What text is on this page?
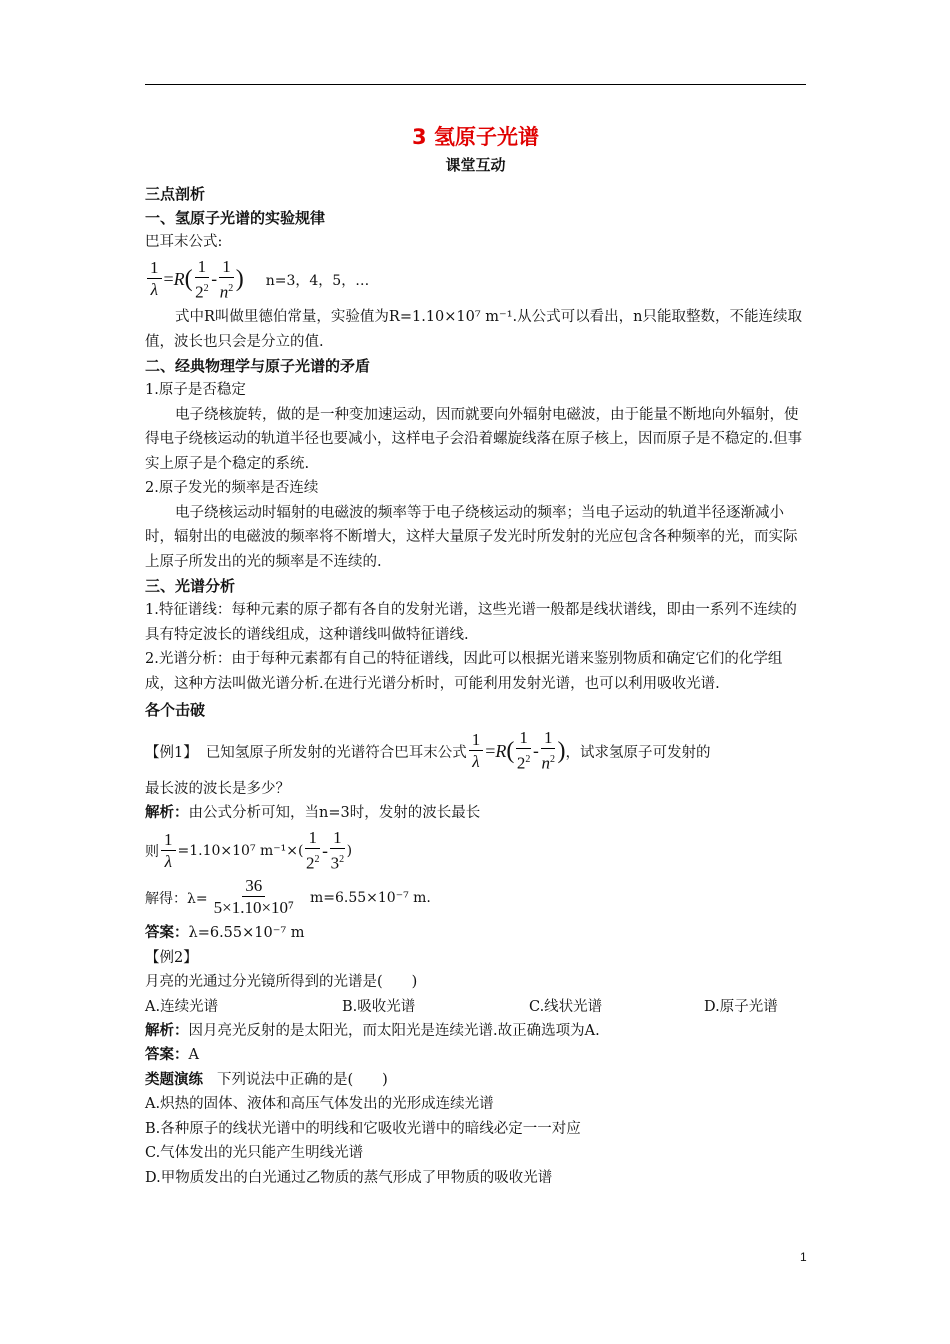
3 氢原子光谱

课堂互动

三点剖析

一、氢原子光谱的实验规律

巴耳末公式:

$\frac{1}{\lambda} =R$ ( $\frac{1}{2^2} - \frac{1}{n^2}$ ) n=3，4，5，…

式中R叫做里德伯常量，实验值为R=1.10×10⁷ m⁻¹.从公式可以看出，n只能取整数，不能连续取值，波长也只会是分立的值.

二、经典物理学与原子光谱的矛盾

1.原子是否稳定

电子绕核旋转，做的是一种变加速运动，因而就要向外辐射电磁波，由于能量不断地向外辐射，使得电子绕核运动的轨道半径也要减小，这样电子会沿着螺旋线落在原子核上，因而原子是不稳定的.但事实上原子是个稳定的系统.

2.原子发光的频率是否连续

电子绕核运动时辐射的电磁波的频率等于电子绕核运动的频率；当电子运动的轨道半径逐渐减小时，辐射出的电磁波的频率将不断增大，这样大量原子发光时所发射的光应包含各种频率的光，而实际上原子所发出的光的频率是不连续的.

三、光谱分析

1.特征谱线：每种元素的原子都有各自的发射光谱，这些光谱一般都是线状谱线，即由一系列不连续的具有特定波长的谱线组成，这种谱线叫做特征谱线.

2.光谱分析：由于每种元素都有自己的特征谱线，因此可以根据光谱来鉴别物质和确定它们的化学组成，这种方法叫做光谱分析.在进行光谱分析时，可能利用发射光谱，也可以利用吸收光谱.

各个击破

【例1】 已知氢原子所发射的光谱符合巴耳末公式 $\frac{1}{\lambda} =R$ ( $\frac{1}{2^2} - \frac{1}{n^2}$ ) ，试求氢原子可发射的

最长波的波长是多少？

解析：由公式分析可知，当n=3时，发射的波长最长

则 $\frac{1}{\lambda} =1.10\times 10^7$ $m^{-1}\times( \frac{1}{2^2} - \frac{1}{3^2}$ )
解得：$\lambda= \frac{36}{\text{5×1.10×10⁷}} m=6.55\times 10^{-7}$ m.

答案：λ=6.55×10⁻⁷ m

【例2】

月亮的光通过分光镜所得到的光谱是(　　)

A.连续光谱	B.吸收光谱	C.线状光谱	D.原子光谱

解析：因月亮光反射的是太阳光，而太阳光是连续光谱.故正确选项为A.

答案：A

类题演练 下列说法中正确的是(　　)

A.炽热的固体、液体和高压气体发出的光形成连续光谱

B.各种原子的线状光谱中的明线和它吸收光谱中的暗线必定一一对应

C.气体发出的光只能产生明线光谱

D.甲物质发出的白光通过乙物质的蒸气形成了甲物质的吸收光谱

1
